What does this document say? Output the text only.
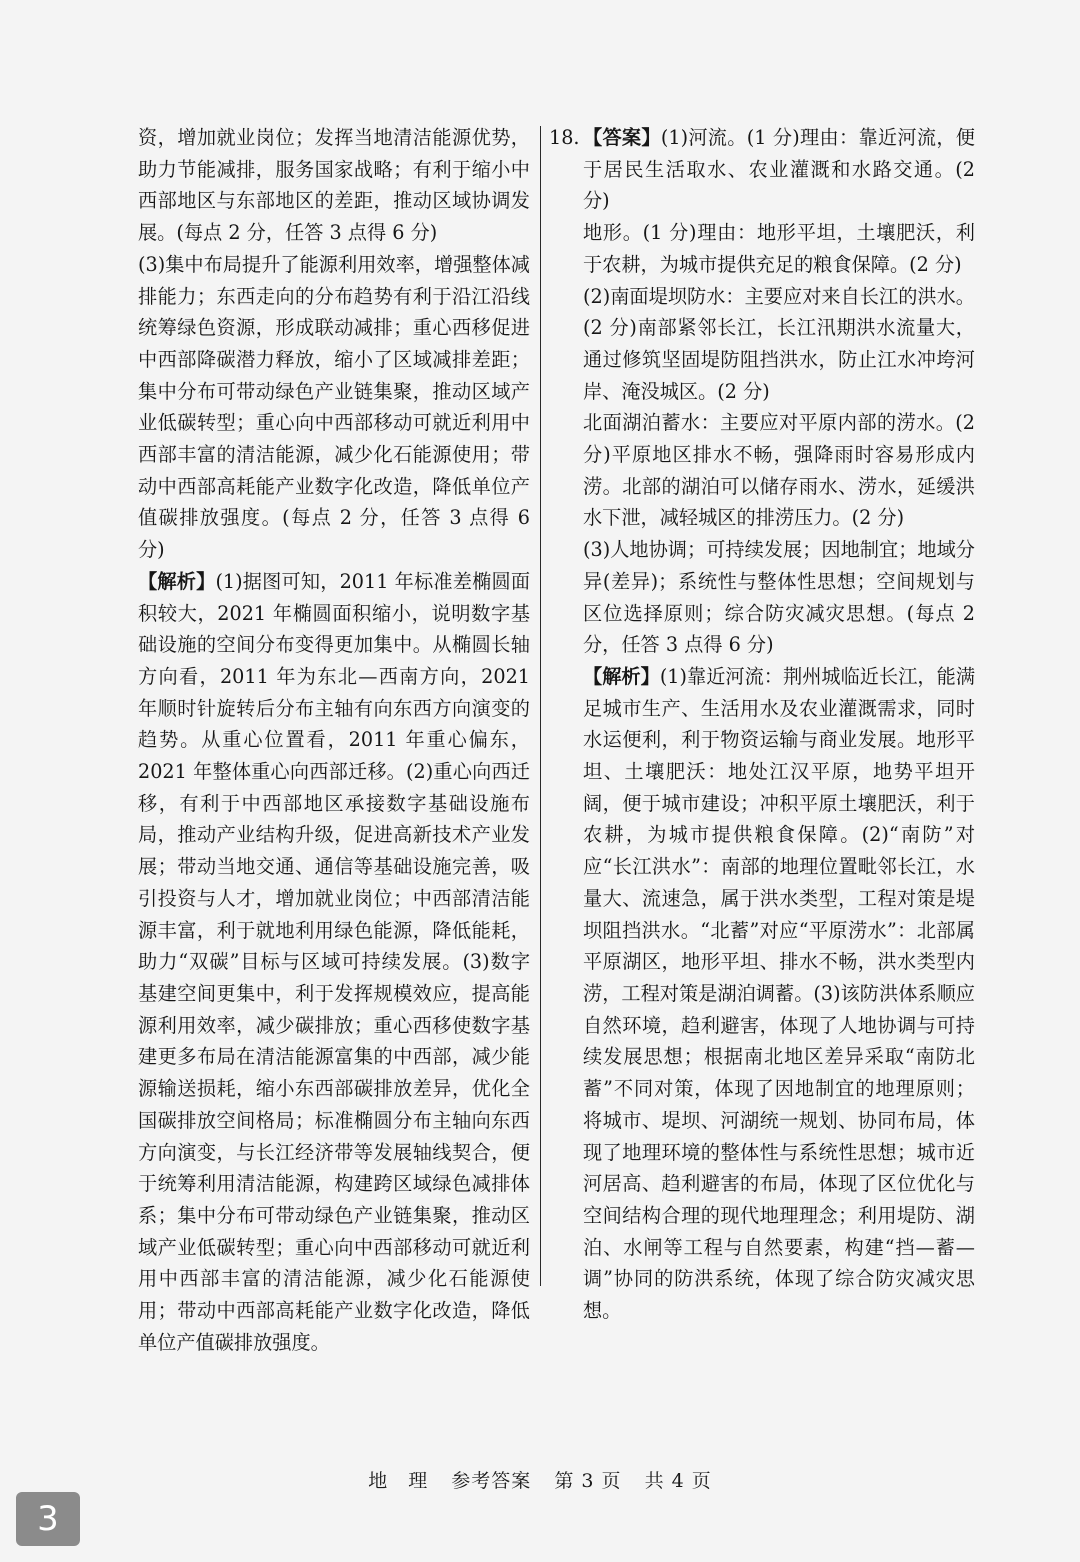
资，增加就业岗位；发挥当地清洁能源优势，助力节能减排，服务国家战略；有利于缩小中西部地区与东部地区的差距，推动区域协调发展。(每点 2 分，任答 3 点得 6 分)

(3)集中布局提升了能源利用效率，增强整体减排能力；东西走向的分布趋势有利于沿江沿线统筹绿色资源，形成联动减排；重心西移促进中西部降碳潜力释放，缩小了区域减排差距；集中分布可带动绿色产业链集聚，推动区域产业低碳转型；重心向中西部移动可就近利用中西部丰富的清洁能源，减少化石能源使用；带动中西部高耗能产业数字化改造，降低单位产值碳排放强度。(每点 2 分，任答 3 点得 6 分)

【解析】(1)据图可知，2011 年标准差椭圆面积较大，2021 年椭圆面积缩小，说明数字基础设施的空间分布变得更加集中。从椭圆长轴方向看，2011 年为东北—西南方向，2021 年顺时针旋转后分布主轴有向东西方向演变的趋势。从重心位置看，2011 年重心偏东，2021 年整体重心向西部迁移。(2)重心向西迁移，有利于中西部地区承接数字基础设施布局，推动产业结构升级，促进高新技术产业发展；带动当地交通、通信等基础设施完善，吸引投资与人才，增加就业岗位；中西部清洁能源丰富，利于就地利用绿色能源，降低能耗，助力“双碳”目标与区域可持续发展。(3)数字基建空间更集中，利于发挥规模效应，提高能源利用效率，减少碳排放；重心西移使数字基建更多布局在清洁能源富集的中西部，减少能源输送损耗，缩小东西部碳排放差异，优化全国碳排放空间格局；标准椭圆分布主轴向东西方向演变，与长江经济带等发展轴线契合，便于统筹利用清洁能源，构建跨区域绿色减排体系；集中分布可带动绿色产业链集聚，推动区域产业低碳转型；重心向中西部移动可就近利用中西部丰富的清洁能源，减少化石能源使用；带动中西部高耗能产业数字化改造，降低单位产值碳排放强度。

18. 【答案】(1)河流。(1 分)理由：靠近河流，便于居民生活取水、农业灌溉和水路交通。(2 分)

地形。(1 分)理由：地形平坦，土壤肥沃，利于农耕，为城市提供充足的粮食保障。(2 分)

(2)南面堤坝防水：主要应对来自长江的洪水。(2 分)南部紧邻长江，长江汛期洪水流量大，通过修筑坚固堤防阻挡洪水，防止江水冲垮河岸、淹没城区。(2 分)

北面湖泊蓄水：主要应对平原内部的涝水。(2 分)平原地区排水不畅，强降雨时容易形成内涝。北部的湖泊可以储存雨水、涝水，延缓洪水下泄，减轻城区的排涝压力。(2 分)

(3)人地协调；可持续发展；因地制宜；地域分异(差异)；系统性与整体性思想；空间规划与区位选择原则；综合防灾减灾思想。(每点 2 分，任答 3 点得 6 分)

【解析】(1)靠近河流：荆州城临近长江，能满足城市生产、生活用水及农业灌溉需求，同时水运便利，利于物资运输与商业发展。地形平坦、土壤肥沃：地处江汉平原，地势平坦开阔，便于城市建设；冲积平原土壤肥沃，利于农耕，为城市提供粮食保障。(2)“南防”对应“长江洪水”：南部的地理位置毗邻长江，水量大、流速急，属于洪水类型，工程对策是堤坝阻挡洪水。“北蓄”对应“平原涝水”：北部属平原湖区，地形平坦、排水不畅，洪水类型内涝，工程对策是湖泊调蓄。(3)该防洪体系顺应自然环境，趋利避害，体现了人地协调与可持续发展思想；根据南北地区差异采取“南防北蓄”不同对策，体现了因地制宜的地理原则；将城市、堤坝、河湖统一规划、协同布局，体现了地理环境的整体性与系统性思想；城市近河居高、趋利避害的布局，体现了区位优化与空间结构合理的现代地理理念；利用堤防、湖泊、水闸等工程与自然要素，构建“挡—蓄—调”协同的防洪系统，体现了综合防灾减灾思想。

地　理 参考答案 第 3 页 共 4 页
3
